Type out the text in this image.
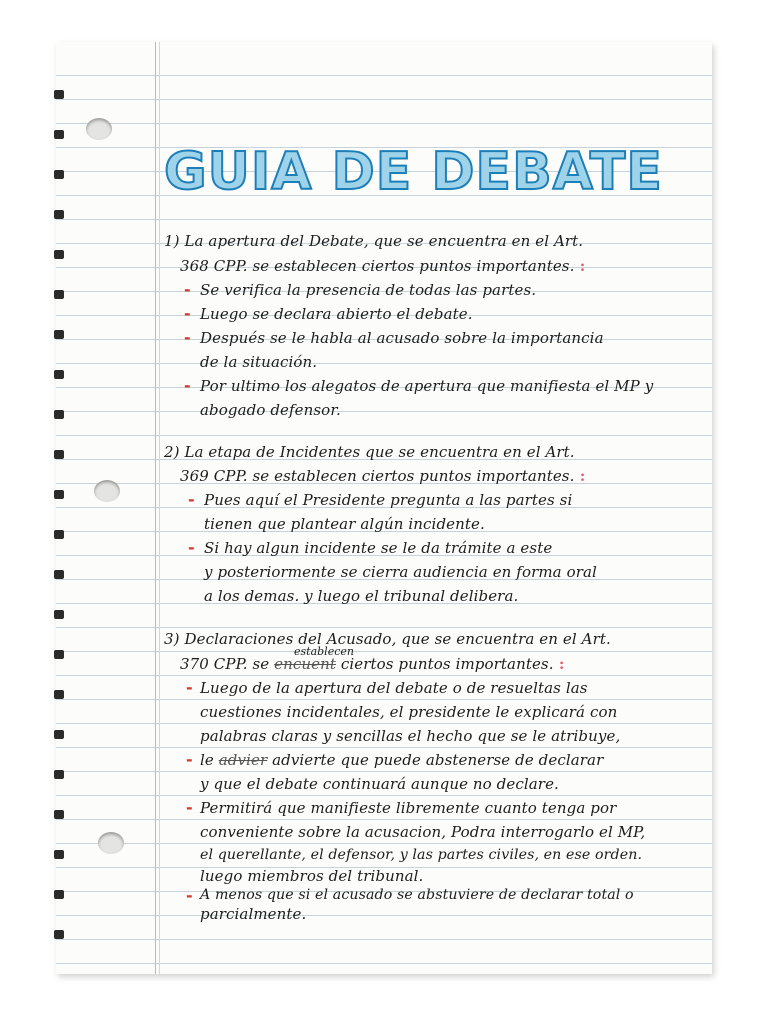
GUIA DE DEBATE
1) La apertura del Debate, que se encuentra en el Art.
368 CPP. se establecen ciertos puntos importantes. :
- Se verifica la presencia de todas las partes.
- Luego se declara abierto el debate.
- Después se le habla al acusado sobre la importancia
de la situación.
- Por ultimo los alegatos de apertura que manifiesta el MP y
abogado defensor.
2) La etapa de Incidentes que se encuentra en el Art.
369 CPP. se establecen ciertos puntos importantes. :
- Pues aquí el Presidente pregunta a las partes si
tienen que plantear algún incidente.
- Si hay algun incidente se le da trámite a este
y posteriormente se cierra audiencia en forma oral
a los demas. y luego el tribunal delibera.
3) Declaraciones del Acusado, que se encuentra en el Art.
establecen
370 CPP. se encuent ciertos puntos importantes. :
- Luego de la apertura del debate o de resueltas las
cuestiones incidentales, el presidente le explicará con
palabras claras y sencillas el hecho que se le atribuye,
- le advier advierte que puede abstenerse de declarar
y que el debate continuará aunque no declare.
- Permitirá que manifieste libremente cuanto tenga por
conveniente sobre la acusacion, Podra interrogarlo el MP,
el querellante, el defensor, y las partes civiles, en ese orden.
luego miembros del tribunal.
- A menos que si el acusado se abstuviere de declarar total o
parcialmente.
